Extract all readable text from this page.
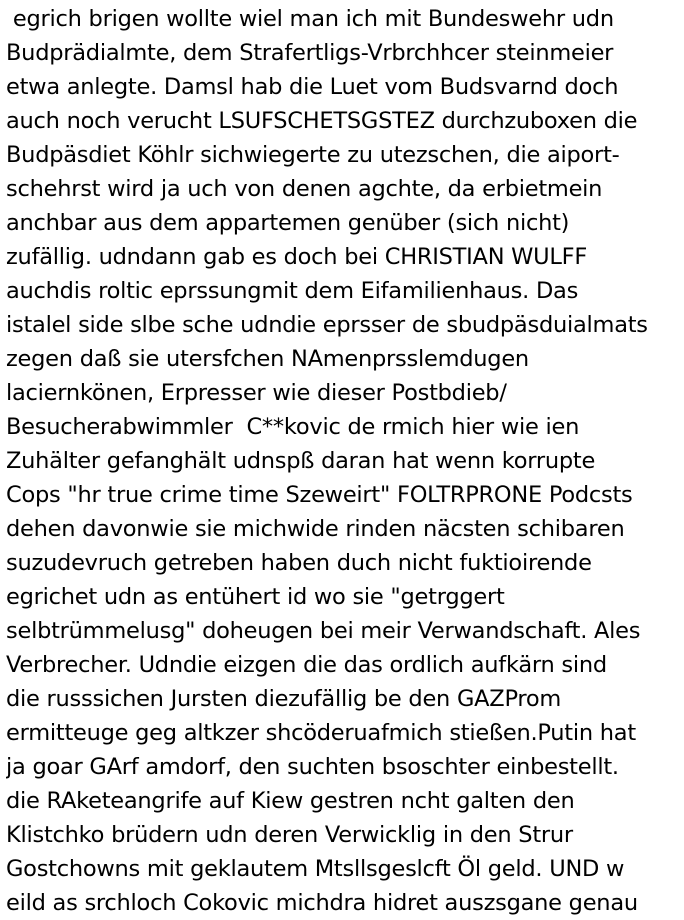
egrich brigen wollte wiel man ich mit Bundeswehr udn
Budprädialmte, dem Strafertligs-Vrbrchhcer steinmeier
etwa anlegte. Damsl hab die Luet vom Budsvarnd doch
auch noch verucht LSUFSCHETSGSTEZ durchzuboxen die
Budpäsdiet Köhlr sichwiegerte zu utezschen, die aiport-
schehrst wird ja uch von denen agchte, da erbietmein
anchbar aus dem appartemen genüber (sich nicht)
zufällig. udndann gab es doch bei CHRISTIAN WULFF
auchdis roltic eprssungmit dem Eifamilienhaus. Das
istalel side slbe sche udndie eprsser de sbudpäsduialmats
zegen daß sie utersfchen NAmenprsslemdugen
laciernkönen, Erpresser wie dieser Postbdieb/
Besucherabwimmler  C**kovic de rmich hier wie ien
Zuhälter gefanghält udnspß daran hat wenn korrupte
Cops "hr true crime time Szeweirt" FOLTRPRONE Podcsts
dehen davonwie sie michwide rinden näcsten schibaren
suzudevruch getreben haben duch nicht fuktioirende
egrichet udn as entühert id wo sie "getrggert
selbtrümmelusg" doheugen bei meir Verwandschaft. Ales
Verbrecher. Udndie eizgen die das ordlich aufkärn sind
die russsichen Jursten diezufällig be den GAZProm
ermitteuge geg altkzer shcöderuafmich stießen.Putin hat
ja goar GArf amdorf, den suchten bsoschter einbestellt.
die RAketeangrife auf Kiew gestren ncht galten den
Klistchko brüdern udn deren Verwicklig in den Strur
Gostchowns mit geklautem Mtsllsgeslcft Öl geld. UND w
eild as srchloch Cokovic michdra hidret auszsgane genau
